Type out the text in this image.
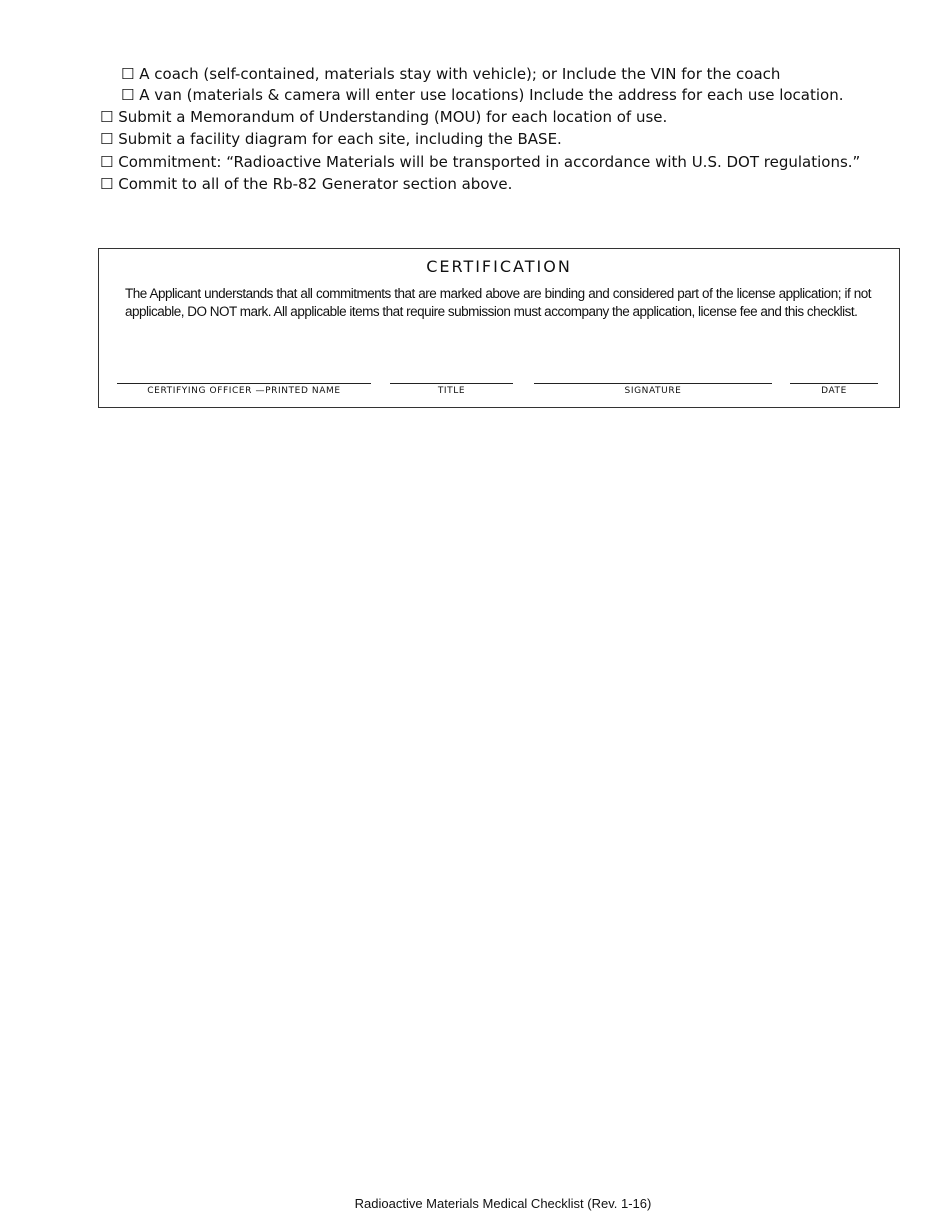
☐ A coach (self-contained, materials stay with vehicle); or Include the VIN for the coach
☐ A van (materials & camera will enter use locations) Include the address for each use location.
☐ Submit a Memorandum of Understanding (MOU) for each location of use.
☐ Submit a facility diagram for each site, including the BASE.
☐ Commitment: “Radioactive Materials will be transported in accordance with U.S. DOT regulations.”
☐ Commit to all of the Rb-82 Generator section above.
CERTIFICATION

The Applicant understands that all commitments that are marked above are binding and considered part of the license application; if not applicable, DO NOT mark. All applicable items that require submission must accompany the application, license fee and this checklist.

CERTIFYING OFFICER —PRINTED NAME	TITLE	SIGNATURE	DATE
Radioactive Materials Medical Checklist (Rev. 1-16)
